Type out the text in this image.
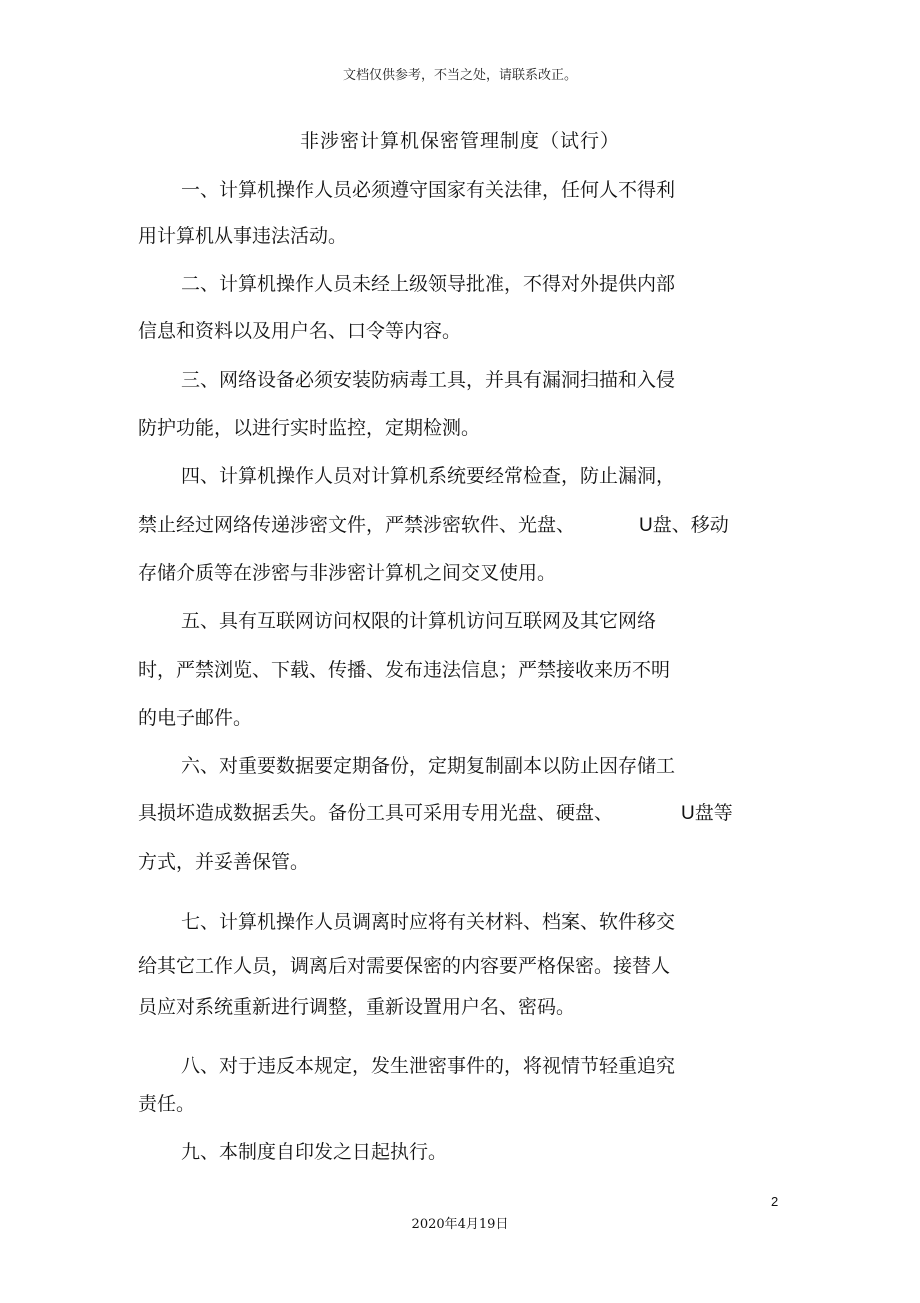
文档仅供参考，不当之处，请联系改正。
非涉密计算机保密管理制度（试行）
一、计算机操作人员必须遵守国家有关法律，任何人不得利
用计算机从事违法活动。
二、计算机操作人员未经上级领导批准，不得对外提供内部
信息和资料以及用户名、口令等内容。
三、网络设备必须安装防病毒工具，并具有漏洞扫描和入侵
防护功能，以进行实时监控，定期检测。
四、计算机操作人员对计算机系统要经常检查，防止漏洞，
禁止经过网络传递涉密文件，严禁涉密软件、光盘、	U盘、移动
存储介质等在涉密与非涉密计算机之间交叉使用。
五、具有互联网访问权限的计算机访问互联网及其它网络
时，严禁浏览、下载、传播、发布违法信息；严禁接收来历不明
的电子邮件。
六、对重要数据要定期备份，定期复制副本以防止因存储工
具损坏造成数据丢失。备份工具可采用专用光盘、硬盘、	U盘等
方式，并妥善保管。
七、计算机操作人员调离时应将有关材料、档案、软件移交
给其它工作人员，调离后对需要保密的内容要严格保密。接替人
员应对系统重新进行调整，重新设置用户名、密码。
八、对于违反本规定，发生泄密事件的，将视情节轻重追究
责任。
九、本制度自印发之日起执行。
2
2020年4月19日
